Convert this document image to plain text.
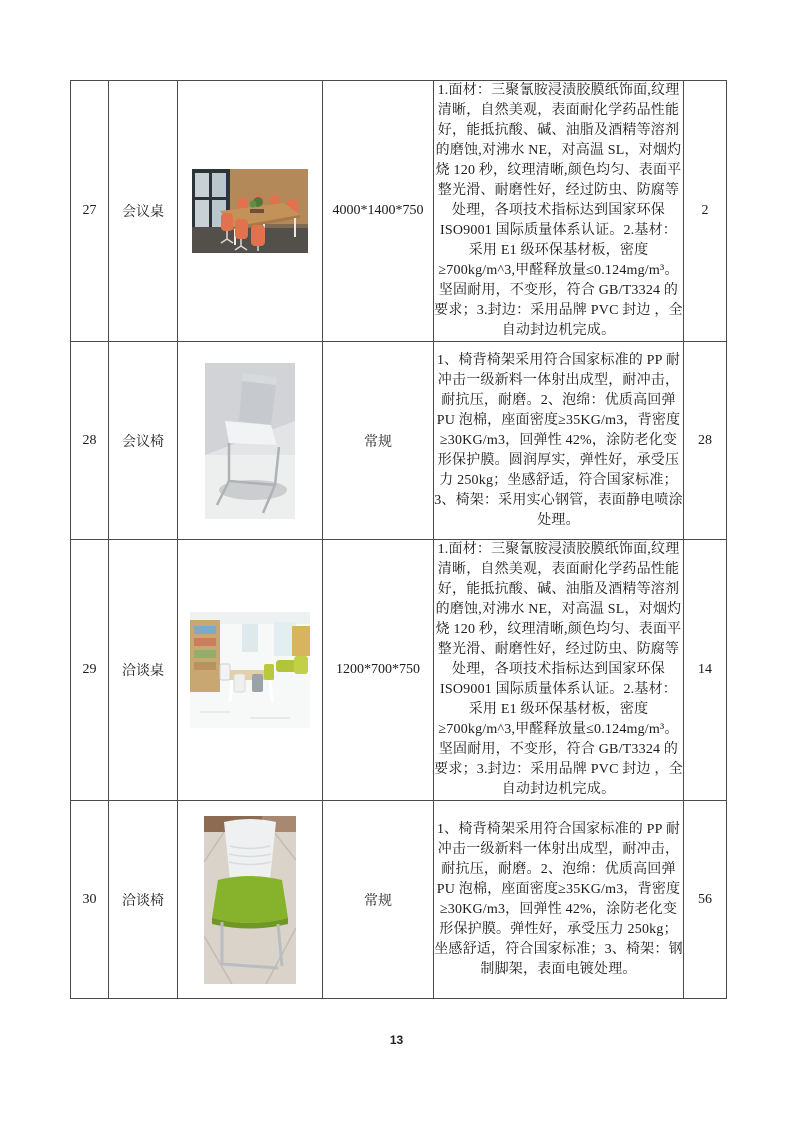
27	会议桌		4000*1400*750	1.面材：三聚氰胺浸渍胶膜纸饰面,纹理清晰，自然美观，表面耐化学药品性能好，能抵抗酸、碱、油脂及酒精等溶剂的磨蚀,对沸水 NE，对高温 SL，对烟灼烧 120 秒，纹理清晰,颜色均匀、表面平整光滑、耐磨性好，经过防虫、防腐等处理，各项技术指标达到国家环保 ISO9001 国际质量体系认证。2.基材：采用 E1 级环保基材板，密度≥700kg/m^3,甲醛释放量≤0.124mg/m³。坚固耐用，不变形，符合 GB/T3324 的要求；3.封边：采用品牌 PVC 封边 ，全自动封边机完成。	2
28	会议椅		常规	1、椅背椅架采用符合国家标准的 PP 耐冲击一级新料一体射出成型，耐冲击，耐抗压，耐磨。2、泡绵：优质高回弹 PU 泡棉，座面密度≥35KG/m3，背密度≥30KG/m3，回弹性 42%，涂防老化变形保护膜。圆润厚实，弹性好，承受压力 250kg；坐感舒适，符合国家标准；3、椅架：采用实心钢管，表面静电喷涂处理。	28
29	洽谈桌		1200*700*750	1.面材：三聚氰胺浸渍胶膜纸饰面,纹理清晰，自然美观，表面耐化学药品性能好，能抵抗酸、碱、油脂及酒精等溶剂的磨蚀,对沸水 NE，对高温 SL，对烟灼烧 120 秒，纹理清晰,颜色均匀、表面平整光滑、耐磨性好，经过防虫、防腐等处理，各项技术指标达到国家环保 ISO9001 国际质量体系认证。2.基材：采用 E1 级环保基材板，密度≥700kg/m^3,甲醛释放量≤0.124mg/m³。坚固耐用，不变形，符合 GB/T3324 的要求；3.封边：采用品牌 PVC 封边 ，全自动封边机完成。	14
30	洽谈椅		常规	1、椅背椅架采用符合国家标准的 PP 耐冲击一级新料一体射出成型，耐冲击，耐抗压，耐磨。2、泡绵：优质高回弹 PU 泡棉，座面密度≥35KG/m3，背密度≥30KG/m3，回弹性 42%，涂防老化变形保护膜。弹性好，承受压力 250kg；坐感舒适，符合国家标准；3、椅架：钢制脚架，表面电镀处理。	56
13
